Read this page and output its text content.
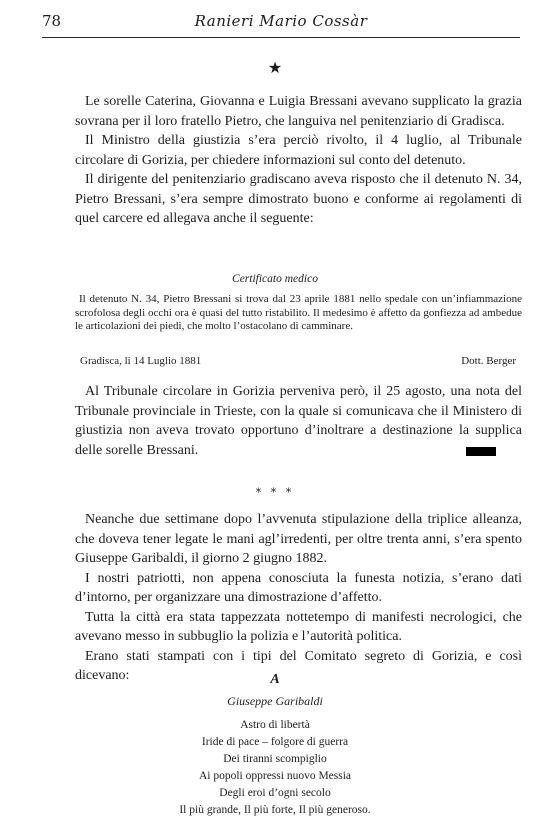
78	Ranieri Mario Cossàr
★

Le sorelle Caterina, Giovanna e Luigia Bressani avevano supplicato la grazia sovrana per il loro fratello Pietro, che languiva nel penitenziario di Gradisca.

Il Ministro della giustizia s’era perciò rivolto, il 4 luglio, al Tribunale circolare di Gorizia, per chiedere informazioni sul conto del detenuto.

Il dirigente del penitenziario gradiscano aveva risposto che il detenuto N. 34, Pietro Bressani, s’era sempre dimostrato buono e conforme ai regolamenti di quel carcere ed allegava anche il seguente:

Certificato medico

Il detenuto N. 34, Pietro Bressani si trova dal 23 aprile 1881 nello spedale con un’infiammazione scrofolosa degli occhi ora è quasi del tutto ristabilito. Il medesimo è affetto da gonfiezza ad ambedue le articolazioni dei piedi, che molto l’ostacolano di camminare.

Gradisca, li 14 Luglio 1881	Dott. Berger

Al Tribunale circolare in Gorizia perveniva però, il 25 agosto, una nota del Tribunale provinciale in Trieste, con la quale si comunicava che il Ministero di giustizia non aveva trovato opportuno d’inoltrare a destinazione la supplica delle sorelle Bressani.

* * *

Neanche due settimane dopo l’avvenuta stipulazione della triplice alleanza, che doveva tener legate le mani agl’irredenti, per oltre trenta anni, s’era spento Giuseppe Garibaldi, il giorno 2 giugno 1882.

I nostri patriotti, non appena conosciuta la funesta notizia, s’erano dati d’intorno, per organizzare una dimostrazione d’affetto.

Tutta la città era stata tappezzata nottetempo di manifesti necrologici, che avevano messo in subbuglio la polizia e l’autorità politica.

Erano stati stampati con i tipi del Comitato segreto di Gorizia, e così dicevano:	A
Giuseppe Garibaldi
Astro di libertà
Iride di pace – folgore di guerra
Dei tiranni scompiglio
Ai popoli oppressi nuovo Messia
Degli eroi d’ogni secolo
Il più grande, Il più forte, Il più generoso.
